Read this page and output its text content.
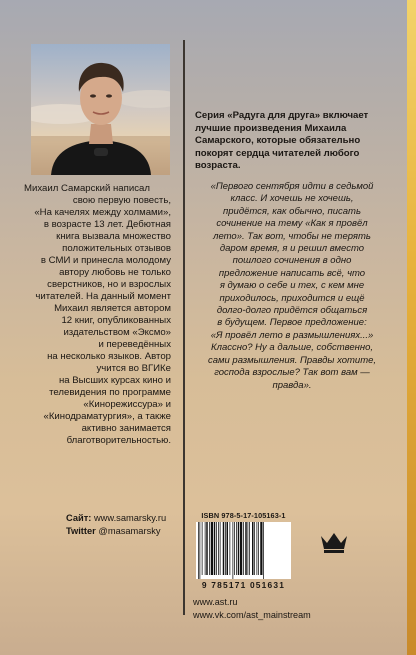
Михаил Самарский написал
свою первую повесть,
«На качелях между холмами»,
в возрасте 13 лет. Дебютная
книга вызвала множество
положительных отзывов
в СМИ и принесла молодому
автору любовь не только
сверстников, но и взрослых
читателей. На данный момент
Михаил является автором
12 книг, опубликованных
издательством «Эксмо»
и переведённых
на несколько языков. Автор
учится во ВГИКе
на Высших курсах кино и
телевидения по программе
«Кинорежиссура» и
«Кинодраматургия», а также
активно занимается
благотворительностью.
Сайт: www.samarsky.ru
Twitter @masamarsky
Серия «Радуга для друга» включает
лучшие произведения Михаила
Самарского, которые обязательно
покорят сердца читателей любого
возраста.
«Первого сентября идти в седьмой
класс. И хочешь не хочешь,
придётся, как обычно, писать
сочинение на тему «Как я провёл
лето». Так вот, чтобы не терять
даром время, я и решил вместо
пошлого сочинения в одно
предложение написать всё, что
я думаю о себе и тех, с кем мне
приходилось, приходится и ещё
долго-долго придётся общаться
в будущем. Первое предложение:
«Я провёл лето в размышлениях...»
Классно? Ну а дальше, собственно,
сами размышления. Правды хотите,
господа взрослые? Так вот вам —
правда».
ISBN 978-5-17-105163-1
9 785171 051631
www.ast.ru
www.vk.com/ast_mainstream
